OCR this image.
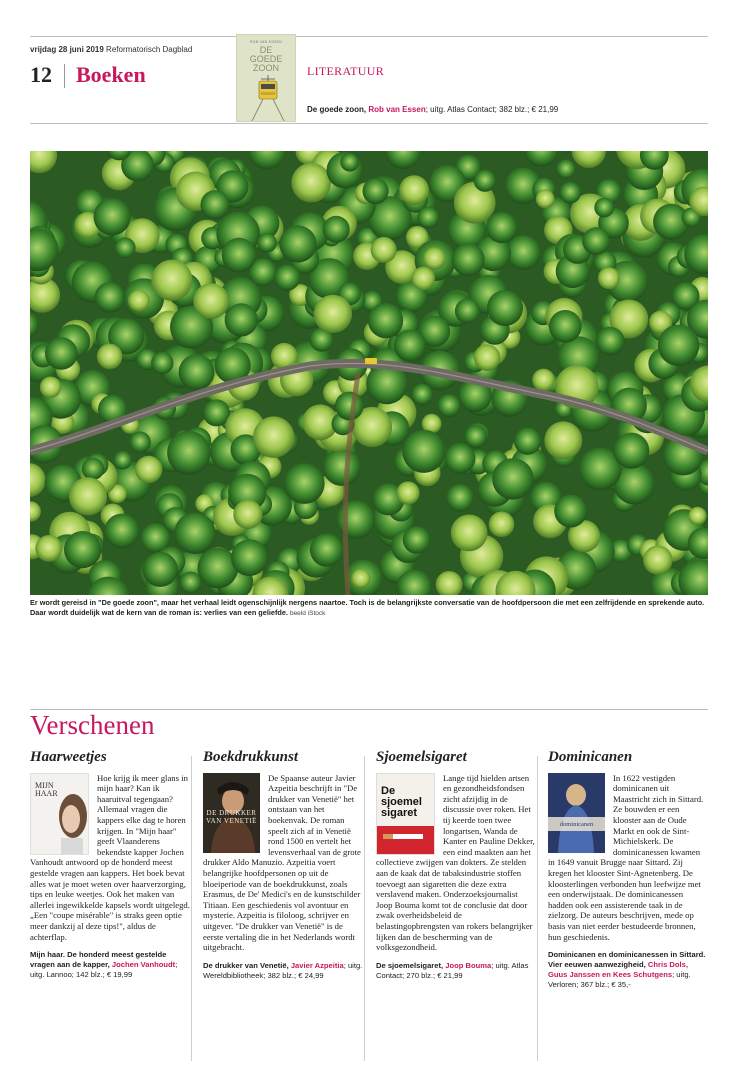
vrijdag 28 juni 2019 Reformatorisch Dagblad
12 Boeken
ROB VAN ESSEN
DE
GOEDE
ZOON	LITERATUUR
De goede zoon, Rob van Essen; uitg. Atlas Contact; 382 blz.; € 21,99
Er wordt gereisd in "De goede zoon", maar het verhaal leidt ogenschijnlijk nergens naartoe. Toch is de belangrijkste conversatie van de hoofdpersoon die met een zelfrijdende en sprekende auto. Daar wordt duidelijk wat de kern van de roman is: verlies van een geliefde. beeld iStock
Verschenen
Haarweetjes
MIJN HAAR

Hoe krijg ik meer glans in mijn haar? Kan ik haaruitval tegengaan? Allemaal vragen die kappers elke dag te horen krijgen. In "Mijn haar" geeft Vlaanderens bekendste kapper Jochen Vanhoudt antwoord op de honderd meest gestelde vragen aan kappers. Het boek bevat alles wat je moet weten over haarverzorging, tips en leuke weetjes. Ook het maken van allerlei ingewikkelde kapsels wordt uitgelegd. „Een "coupe misérable" is straks geen optie meer dankzij al deze tips!", aldus de achterflap.

Mijn haar. De honderd meest gestelde vragen aan de kapper, Jochen Vanhoudt; uitg. Lannoo; 142 blz.; € 19,99
Boekdrukkunst
DE DRUKKER VAN VENETIË

De Spaanse auteur Javier Azpeitia beschrijft in "De drukker van Venetië" het ontstaan van het boekenvak. De roman speelt zich af in Venetië rond 1500 en vertelt het levensverhaal van de grote drukker Aldo Manuzio. Azpeitia voert belangrijke hoofdpersonen op uit de bloeiperiode van de boekdrukkunst, zoals Erasmus, de De' Medici's en de kunstschilder Titiaan. Een geschiedenis vol avontuur en mysterie. Azpeitia is filoloog, schrijver en uitgever. "De drukker van Venetië" is de eerste vertaling die in het Nederlands wordt uitgebracht.

De drukker van Venetië, Javier Azpeitia; uitg. Wereldbibliotheek; 382 blz.; € 24,99
Sjoemelsigaret
De sjoemel sigaret

Lange tijd hielden artsen en gezondheidsfondsen zicht afzijdig in de discussie over roken. Het tij keerde toen twee longartsen, Wanda de Kanter en Pauline Dekker, een eind maakten aan het collectieve zwijgen van dokters. Ze stelden aan de kaak dat de tabaksindustrie stoffen toevoegt aan sigaretten die deze extra verslavend maken. Onderzoeksjournalist Joop Bouma komt tot de conclusie dat door zwak overheidsbeleid de belastingopbrengsten van rokers belangrijker lijken dan de bescherming van de volksgezondheid.

De sjoemelsigaret, Joop Bouma; uitg. Atlas Contact; 270 blz.; € 21,99
Dominicanen
dominicanen

In 1622 vestigden dominicanen uit Maastricht zich in Sittard. Ze bouwden er een klooster aan de Oude Markt en ook de Sint-Michielskerk. De dominicanessen kwamen in 1649 vanuit Brugge naar Sittard. Zij kregen het klooster Sint-Agnetenberg. De kloosterlingen verbonden hun leefwijze met een onderwijstaak. De dominicanessen hadden ook een assisterende taak in de zielzorg. De auteurs beschrijven, mede op basis van niet eerder bestudeerde bronnen, hun geschiedenis.

Dominicanen en dominicanessen in Sittard. Vier eeuwen aanwezigheid, Chris Dols, Guus Janssen en Kees Schutgens; uitg. Verloren; 367 blz.; € 35,-
